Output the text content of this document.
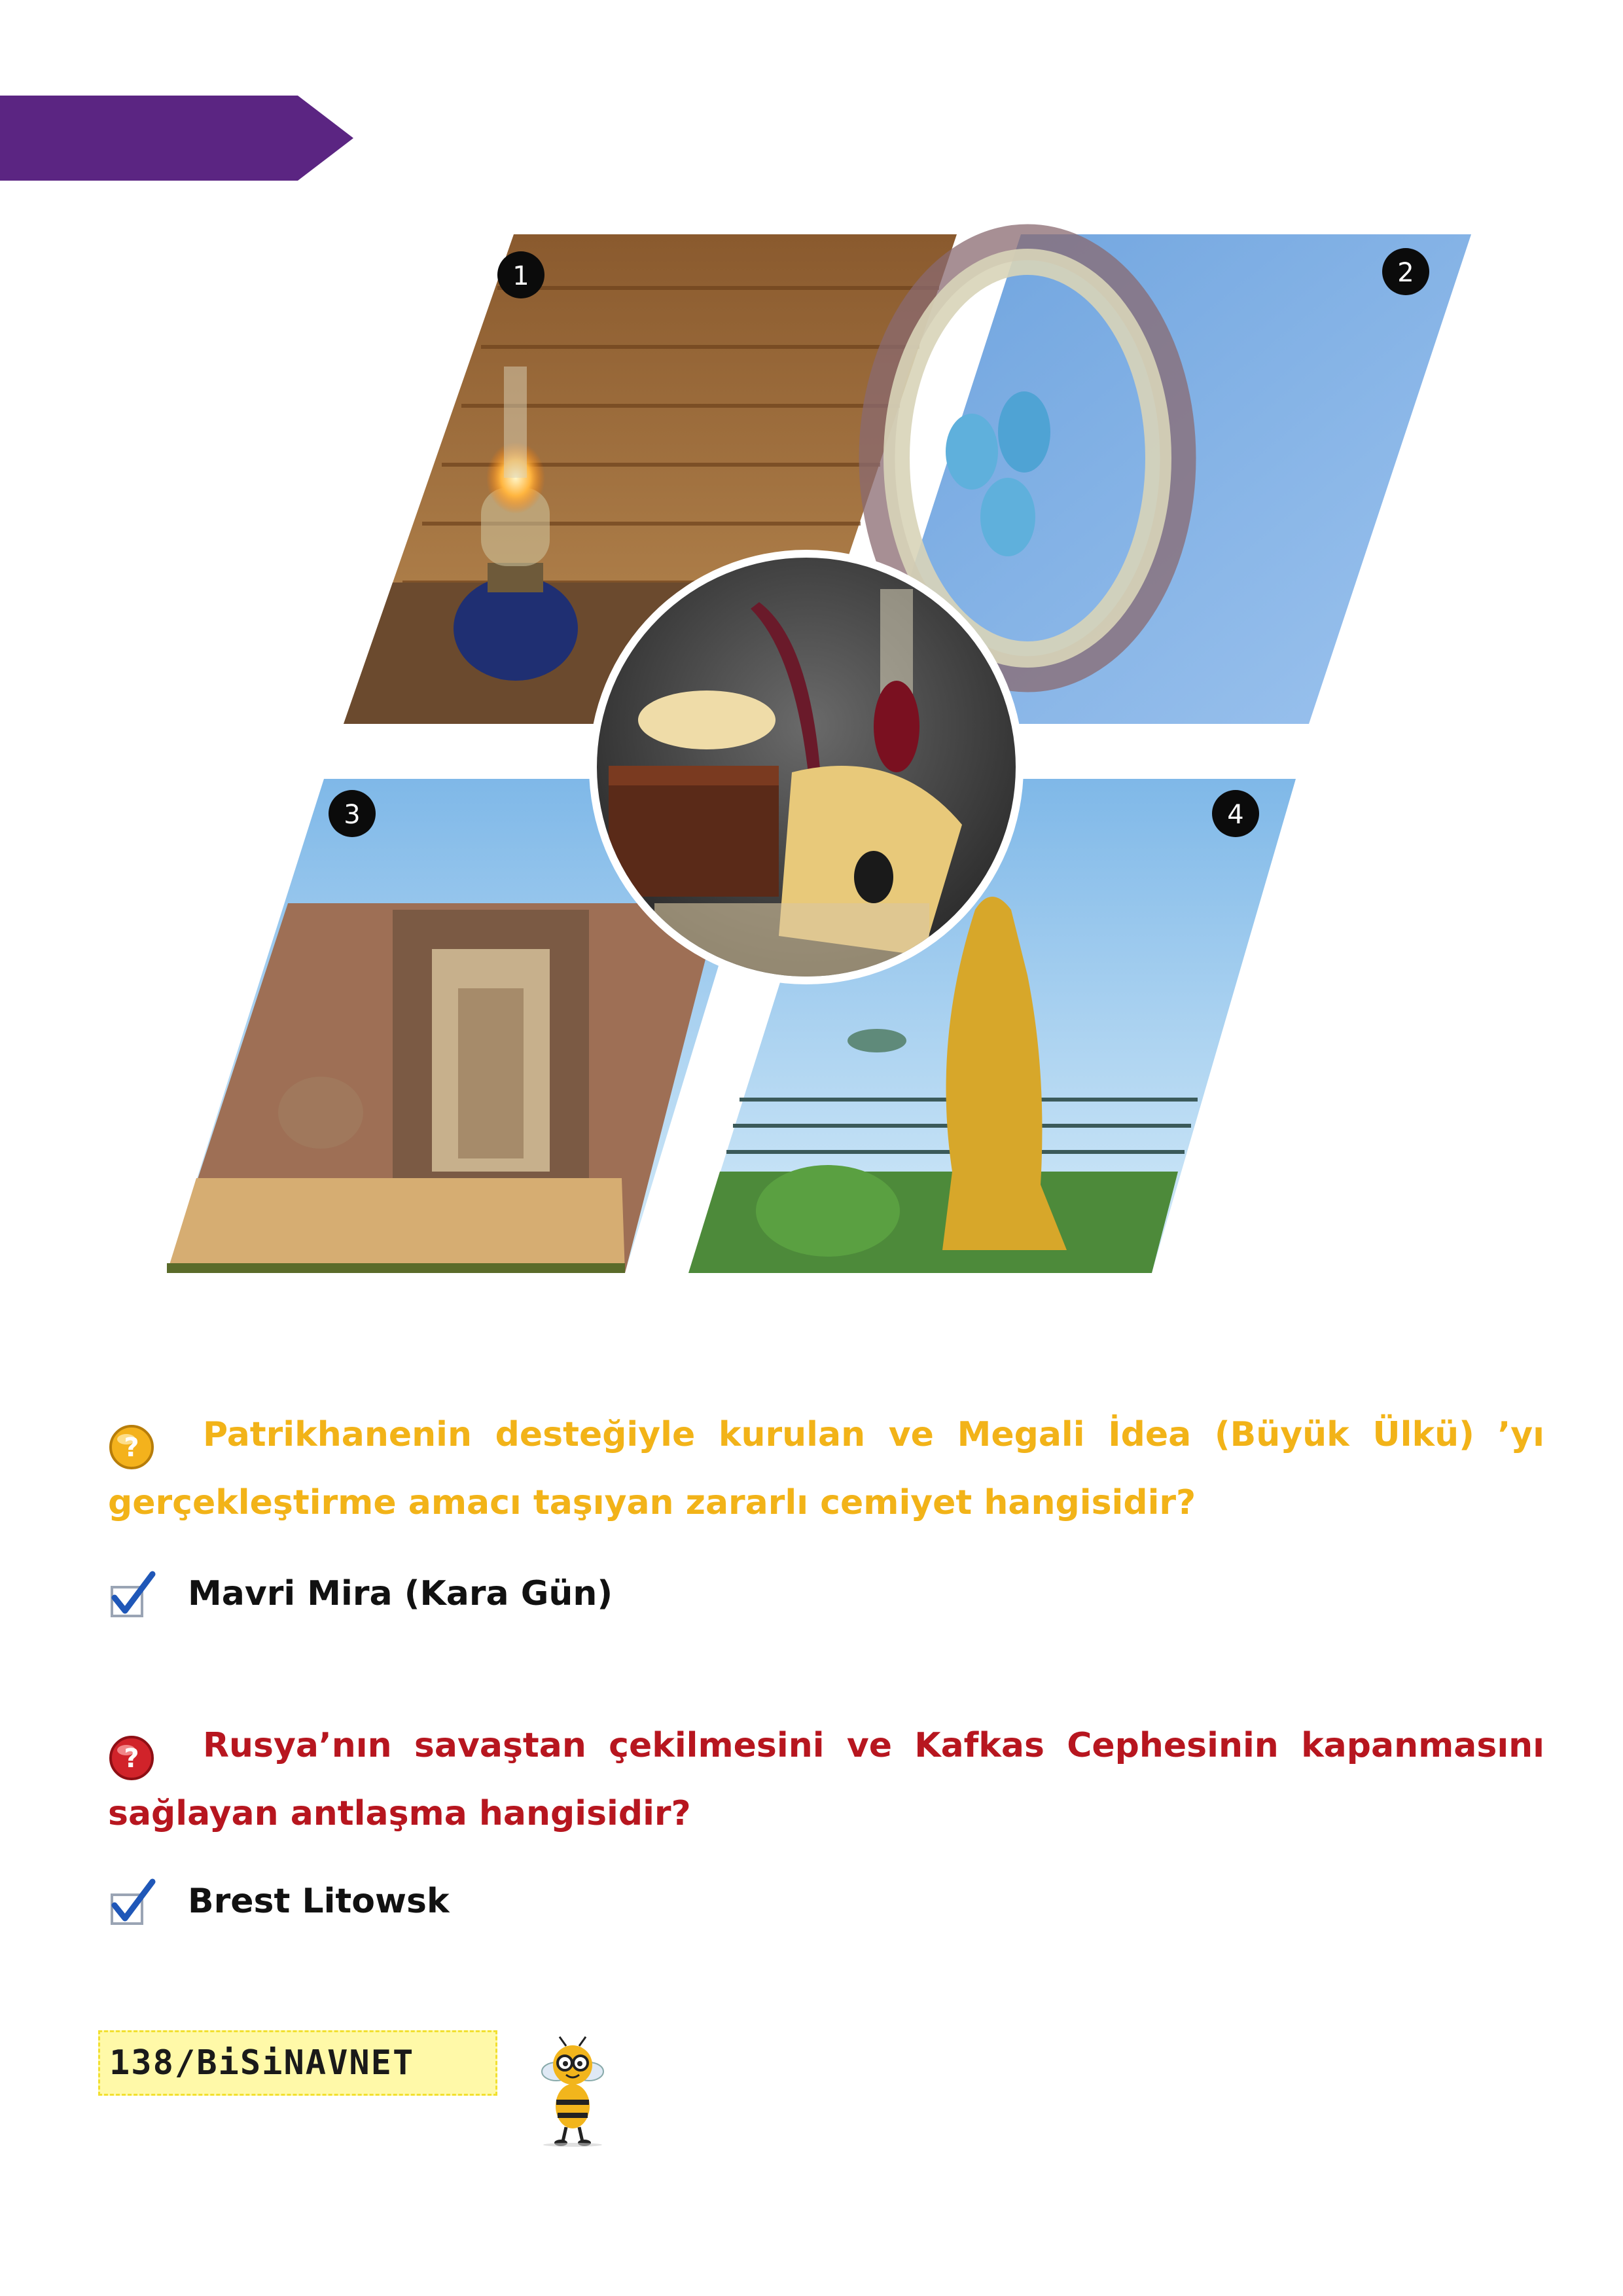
1	2
3	4
?	Patrikhanenin desteğiyle kurulan ve Megali İdea (Büyük Ülkü) ’yı gerçekleştirme amacı taşıyan zararlı cemiyet hangisidir?

Mavri Mira (Kara Gün)
?	Rusya’nın savaştan çekilmesini ve Kafkas Cephesinin kapanmasını sağlayan antlaşma hangisidir?

Brest Litowsk
138/BiSiNAVNET
